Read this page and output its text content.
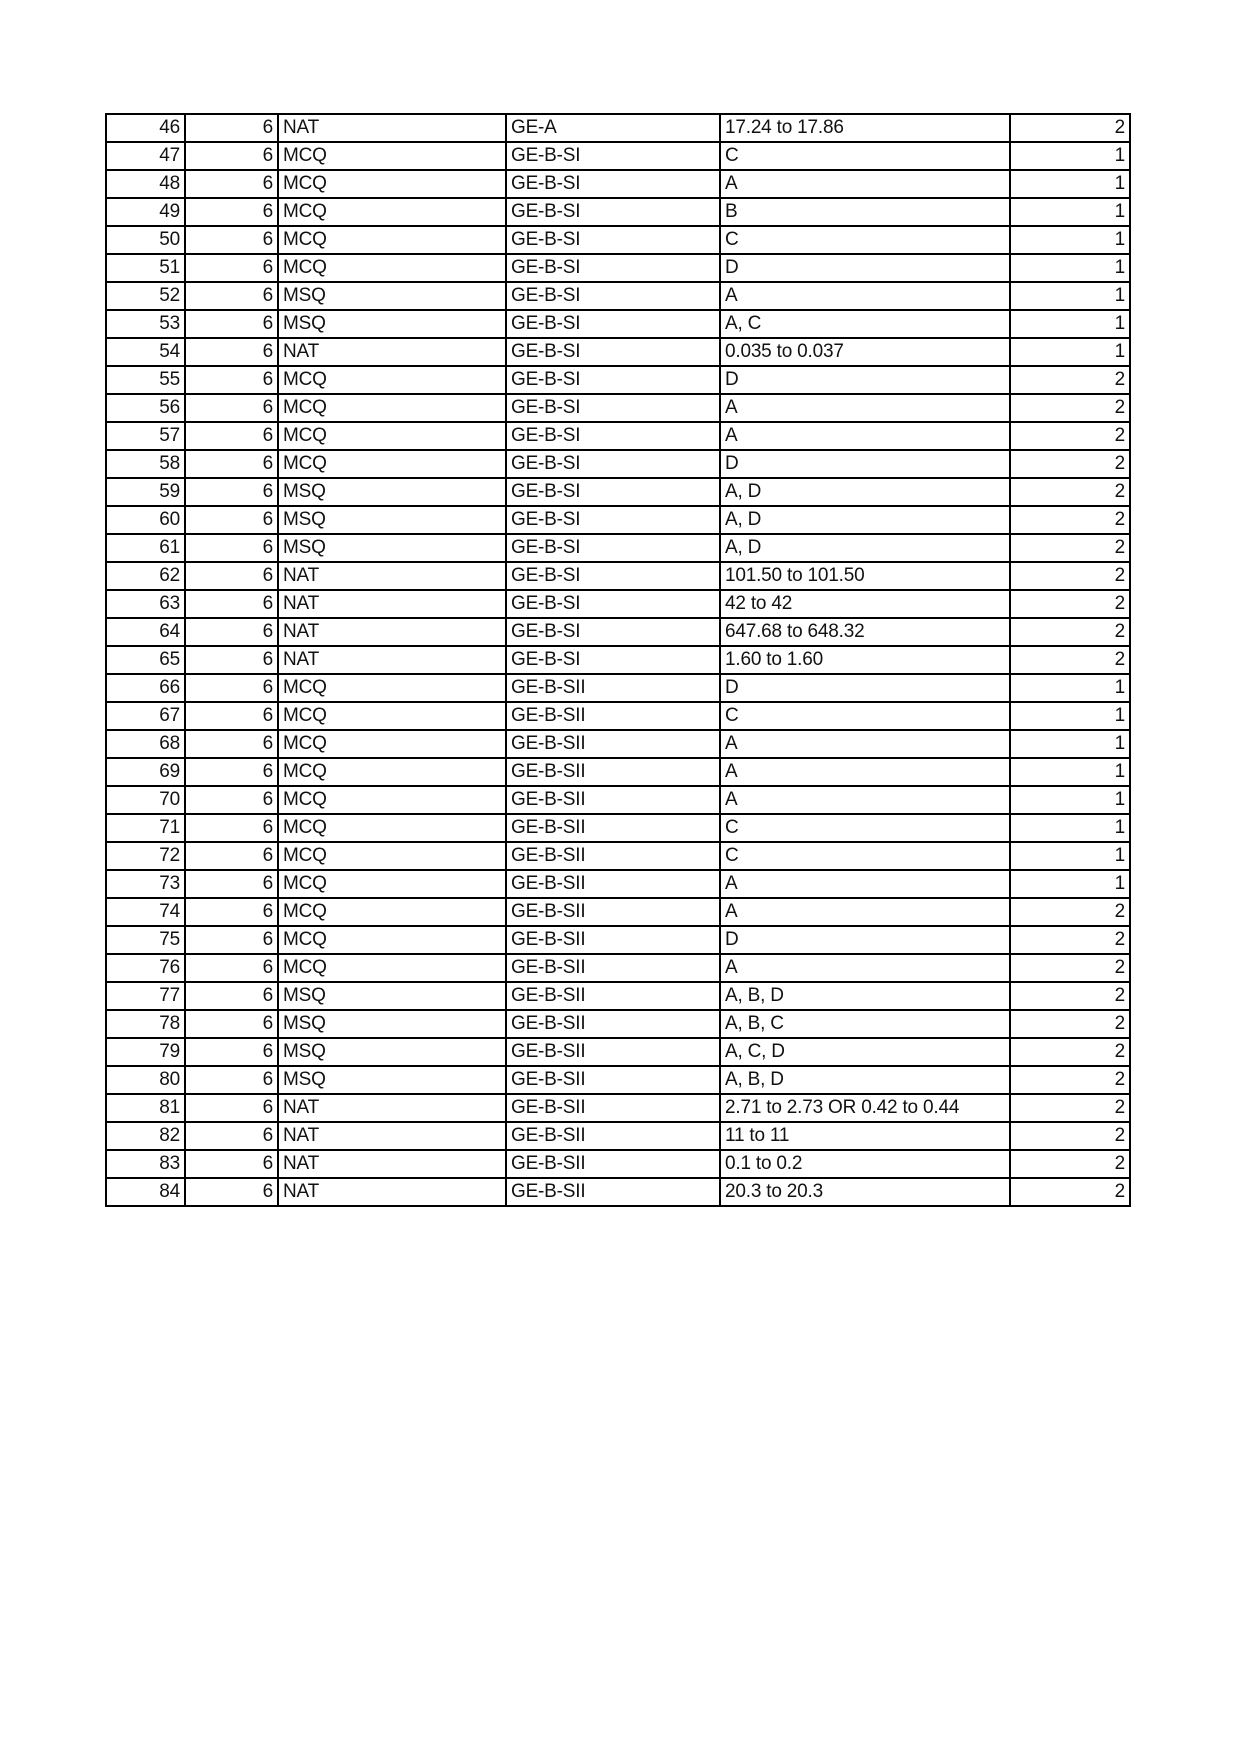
46	6	NAT	GE-A	17.24 to 17.86	2
47	6	MCQ	GE-B-SI	C	1
48	6	MCQ	GE-B-SI	A	1
49	6	MCQ	GE-B-SI	B	1
50	6	MCQ	GE-B-SI	C	1
51	6	MCQ	GE-B-SI	D	1
52	6	MSQ	GE-B-SI	A	1
53	6	MSQ	GE-B-SI	A, C	1
54	6	NAT	GE-B-SI	0.035 to 0.037	1
55	6	MCQ	GE-B-SI	D	2
56	6	MCQ	GE-B-SI	A	2
57	6	MCQ	GE-B-SI	A	2
58	6	MCQ	GE-B-SI	D	2
59	6	MSQ	GE-B-SI	A, D	2
60	6	MSQ	GE-B-SI	A, D	2
61	6	MSQ	GE-B-SI	A, D	2
62	6	NAT	GE-B-SI	101.50 to 101.50	2
63	6	NAT	GE-B-SI	42 to 42	2
64	6	NAT	GE-B-SI	647.68 to 648.32	2
65	6	NAT	GE-B-SI	1.60 to 1.60	2
66	6	MCQ	GE-B-SII	D	1
67	6	MCQ	GE-B-SII	C	1
68	6	MCQ	GE-B-SII	A	1
69	6	MCQ	GE-B-SII	A	1
70	6	MCQ	GE-B-SII	A	1
71	6	MCQ	GE-B-SII	C	1
72	6	MCQ	GE-B-SII	C	1
73	6	MCQ	GE-B-SII	A	1
74	6	MCQ	GE-B-SII	A	2
75	6	MCQ	GE-B-SII	D	2
76	6	MCQ	GE-B-SII	A	2
77	6	MSQ	GE-B-SII	A, B, D	2
78	6	MSQ	GE-B-SII	A, B, C	2
79	6	MSQ	GE-B-SII	A, C, D	2
80	6	MSQ	GE-B-SII	A, B, D	2
81	6	NAT	GE-B-SII	2.71 to 2.73 OR 0.42 to 0.44	2
82	6	NAT	GE-B-SII	11 to 11	2
83	6	NAT	GE-B-SII	0.1 to 0.2	2
84	6	NAT	GE-B-SII	20.3 to 20.3	2
